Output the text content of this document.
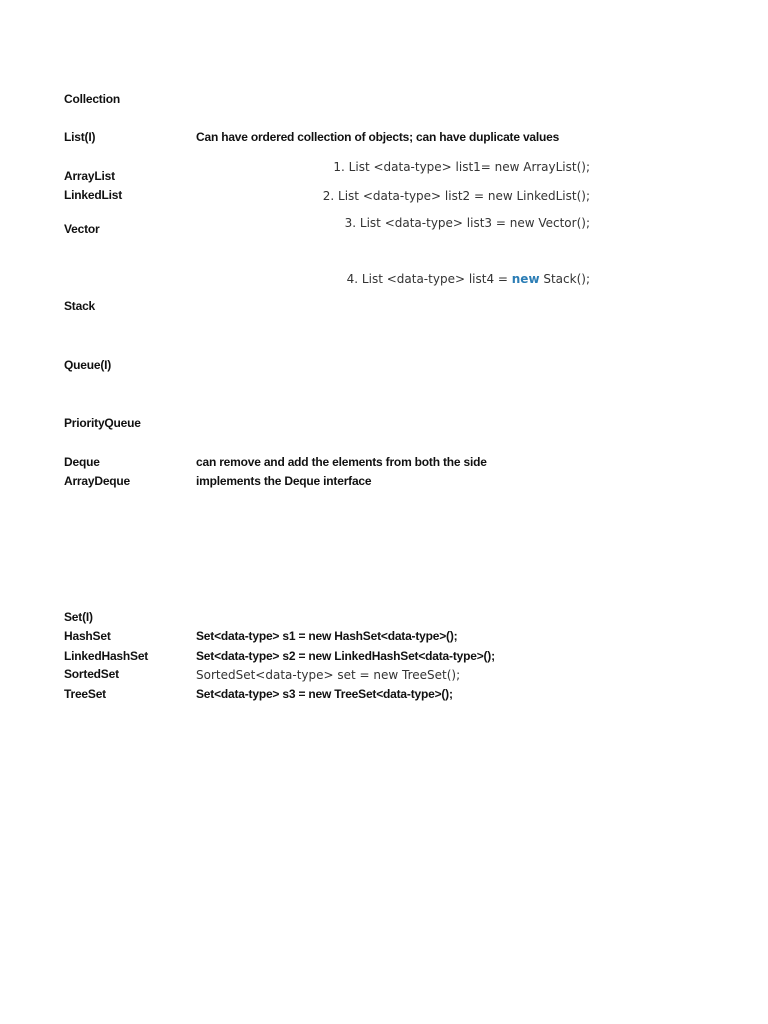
Collection
List(I)
ArrayList
LinkedList
Vector
Stack
Queue(I)
PriorityQueue
Deque
ArrayDeque
Set(I)
HashSet
LinkedHashSet
SortedSet
TreeSet
Can have ordered collection of objects; can have duplicate values
can remove and add the elements from both the side
implements the Deque interface
Set<data-type> s1 = new HashSet<data-type>();
Set<data-type> s2 = new LinkedHashSet<data-type>();
SortedSet<data-type> set = new TreeSet();
Set<data-type> s3 = new TreeSet<data-type>();
1. List <data-type> list1= new ArrayList();
2. List <data-type> list2 = new LinkedList();
3. List <data-type> list3 = new Vector();
4. List <data-type> list4 = new Stack();
